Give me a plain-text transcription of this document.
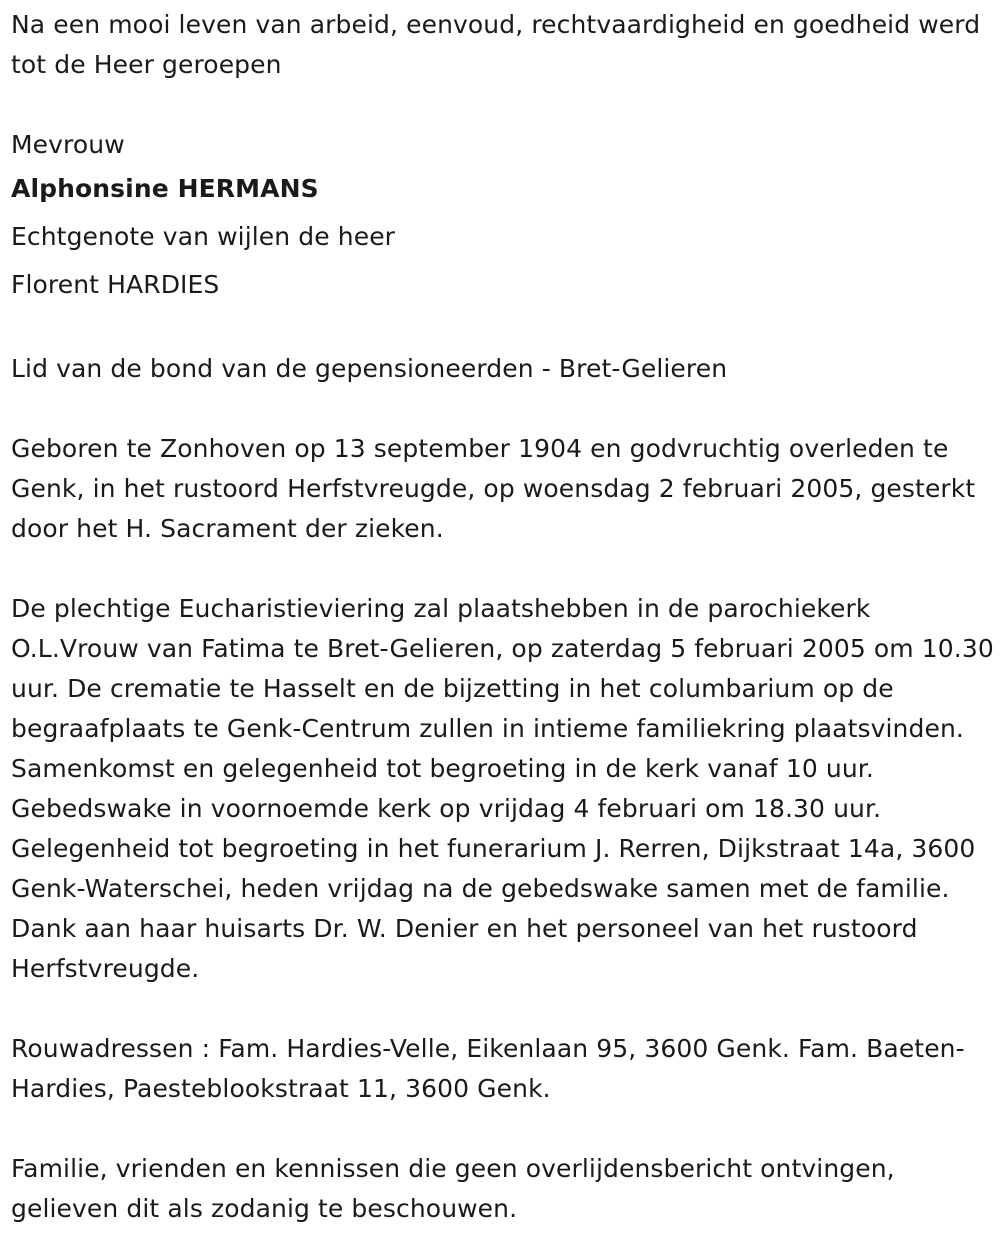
Na een mooi leven van arbeid, eenvoud, rechtvaardigheid en goedheid werd tot de Heer geroepen

Mevrouw
Alphonsine HERMANS
Echtgenote van wijlen de heer
Florent HARDIES

Lid van de bond van de gepensioneerden - Bret-Gelieren

Geboren te Zonhoven op 13 september 1904 en godvruchtig overleden te Genk, in het rustoord Herfstvreugde, op woensdag 2 februari 2005, gesterkt door het H. Sacrament der zieken.

De plechtige Eucharistieviering zal plaatshebben in de parochiekerk O.L.Vrouw van Fatima te Bret-Gelieren, op zaterdag 5 februari 2005 om 10.30 uur. De crematie te Hasselt en de bijzetting in het columbarium op de begraafplaats te Genk-Centrum zullen in intieme familiekring plaatsvinden. Samenkomst en gelegenheid tot begroeting in de kerk vanaf 10 uur. Gebedswake in voornoemde kerk op vrijdag 4 februari om 18.30 uur. Gelegenheid tot begroeting in het funerarium J. Rerren, Dijkstraat 14a, 3600 Genk-Waterschei, heden vrijdag na de gebedswake samen met de familie. Dank aan haar huisarts Dr. W. Denier en het personeel van het rustoord Herfstvreugde.

Rouwadressen : Fam. Hardies-Velle, Eikenlaan 95, 3600 Genk. Fam. Baeten-Hardies, Paesteblookstraat 11, 3600 Genk.

Familie, vrienden en kennissen die geen overlijdensbericht ontvingen, gelieven dit als zodanig te beschouwen.
